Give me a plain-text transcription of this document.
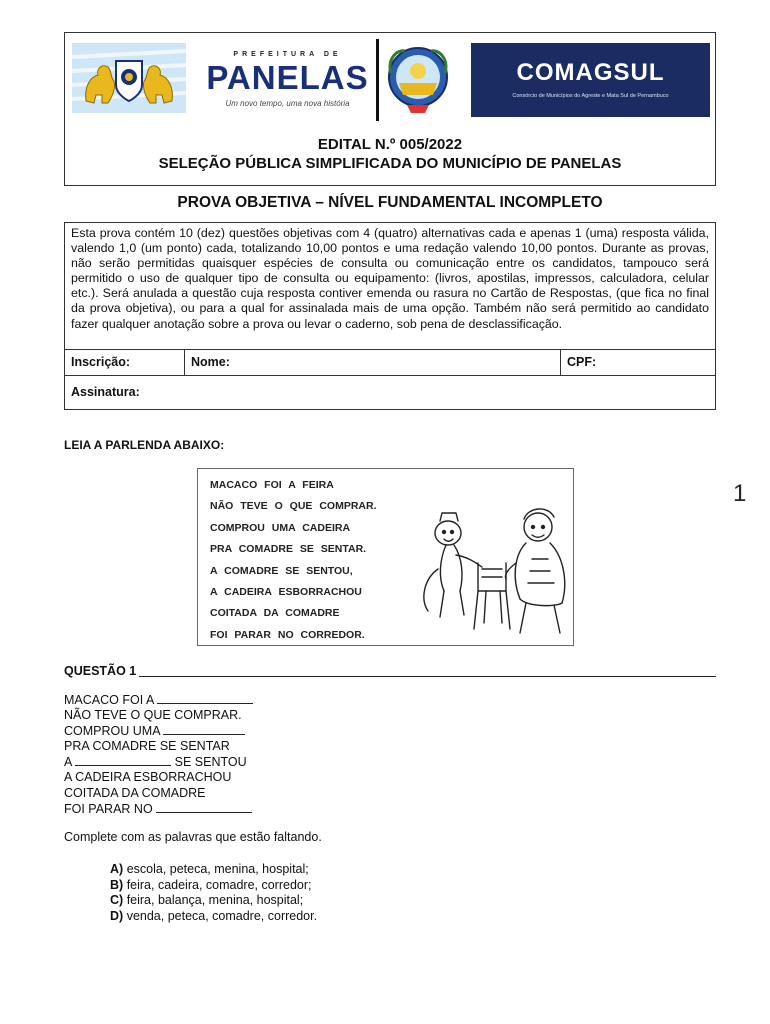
PREFEITURA DE
PANELAS
Um novo tempo, uma nova história
COMAGSUL
Consórcio de Municípios do Agreste e Mata Sul de Pernambuco
EDITAL N.º 005/2022
SELEÇÃO PÚBLICA SIMPLIFICADA DO MUNICÍPIO DE PANELAS
PROVA OBJETIVA – NÍVEL FUNDAMENTAL INCOMPLETO
Esta prova contém 10 (dez) questões objetivas com 4 (quatro) alternativas cada e apenas 1 (uma) resposta válida, valendo 1,0 (um ponto) cada, totalizando 10,00 pontos e uma redação valendo 10,00 pontos. Durante as provas, não serão permitidas quaisquer espécies de consulta ou comunicação entre os candidatos, tampouco será permitido o uso de qualquer tipo de consulta ou equipamento: (livros, apostilas, impressos, calculadora, celular etc.). Será anulada a questão cuja resposta contiver emenda ou rasura no Cartão de Respostas, (que fica no final da prova objetiva), ou para a qual for assinalada mais de uma opção. Também não será permitido ao candidato fazer qualquer anotação sobre a prova ou levar o caderno, sob pena de desclassificação.
Inscrição:	Nome:	CPF:
Assinatura:
LEIA A PARLENDA ABAIXO:
MACACO FOI A FEIRA
NÃO TEVE O QUE COMPRAR.
COMPROU UMA CADEIRA
PRA COMADRE SE SENTAR.
A COMADRE SE SENTOU,
A CADEIRA ESBORRACHOU
COITADA DA COMADRE
FOI PARAR NO CORREDOR.
1
QUESTÃO 1
MACACO FOI A
NÃO TEVE O QUE COMPRAR.
COMPROU UMA
PRA COMADRE SE SENTAR
A	SE SENTOU
A CADEIRA ESBORRACHOU
COITADA DA COMADRE
FOI PARAR NO
Complete com as palavras que estão faltando.
A) escola, peteca, menina, hospital;
B) feira, cadeira, comadre, corredor;
C) feira, balança, menina, hospital;
D) venda, peteca, comadre, corredor.
